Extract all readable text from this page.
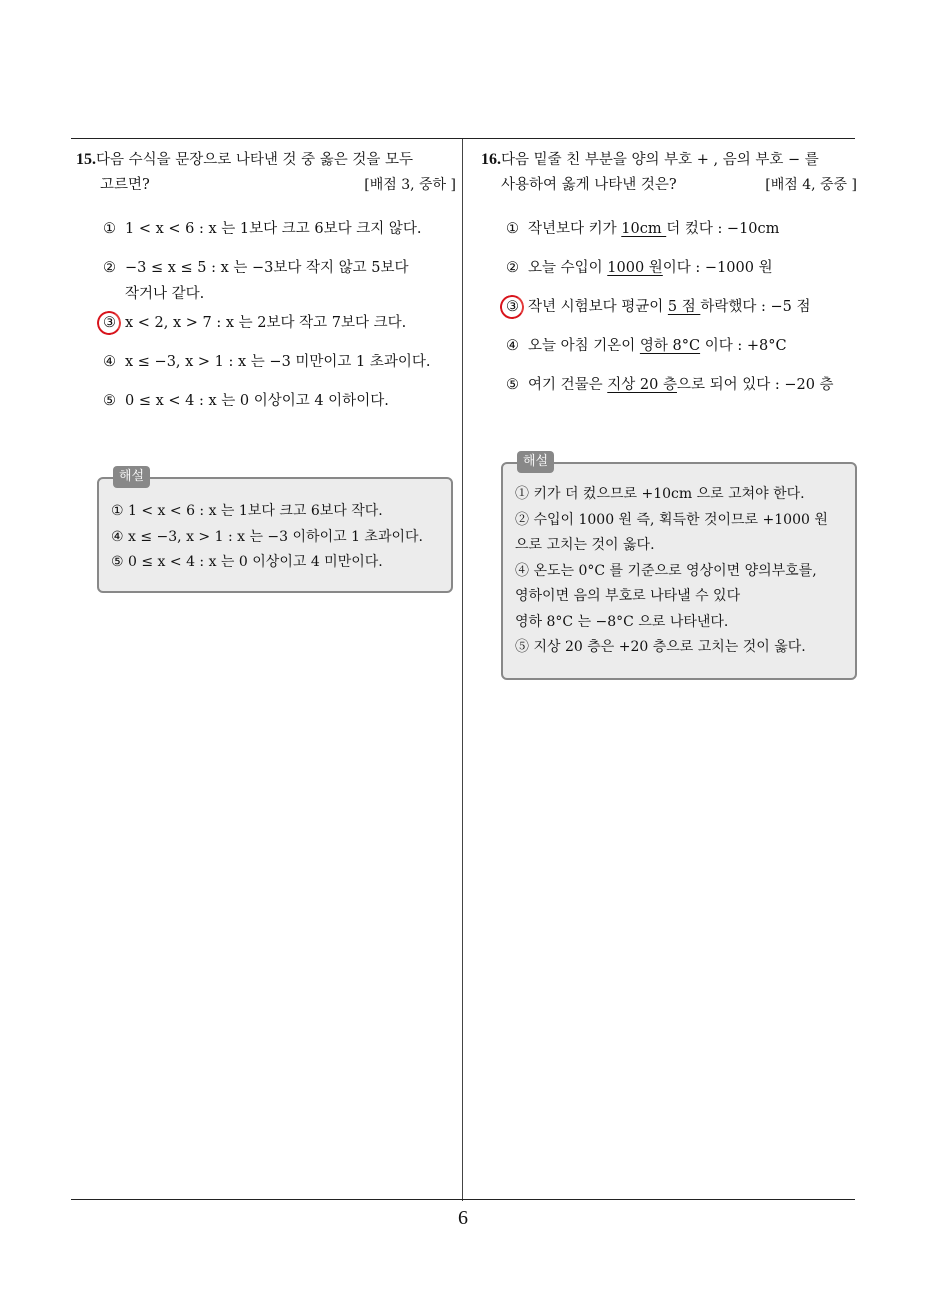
6
15.다음 수식을 문장으로 나타낸 것 중 옳은 것을 모두
고르면?	[배점 3, 중하 ]
① 1 < x < 6 : x 는 1보다 크고 6보다 크지 않다.
② −3 ≤ x ≤ 5 : x 는 −3보다 작지 않고 5보다
작거나 같다.
③ x < 2, x > 7 : x 는 2보다 작고 7보다 크다.
④ x ≤ −3, x > 1 : x 는 −3 미만이고 1 초과이다.
⑤ 0 ≤ x < 4 : x 는 0 이상이고 4 이하이다.
해설
① 1 < x < 6 : x 는 1보다 크고 6보다 작다.
④ x ≤ −3, x > 1 : x 는 −3 이하이고 1 초과이다.
⑤ 0 ≤ x < 4 : x 는 0 이상이고 4 미만이다.
16.다음 밑줄 친 부분을 양의 부호 + , 음의 부호 − 를
사용하여 옳게 나타낸 것은?	[배점 4, 중중 ]
① 작년보다 키가 10cm 더 컸다 : −10cm
② 오늘 수입이 1000 원이다 : −1000 원
③ 작년 시험보다 평균이 5 점 하락했다 : −5 점
④ 오늘 아침 기온이 영하 8°C 이다 : +8°C
⑤ 여기 건물은 지상 20 층으로 되어 있다 : −20 층
해설
① 키가 더 컸으므로 +10cm 으로 고쳐야 한다.
② 수입이 1000 원 즉, 획득한 것이므로 +1000 원
으로 고치는 것이 옳다.
④ 온도는 0°C 를 기준으로 영상이면 양의부호를,
영하이면 음의 부호로 나타낼 수 있다
영하 8°C 는 −8°C 으로 나타낸다.
⑤ 지상 20 층은 +20 층으로 고치는 것이 옳다.
